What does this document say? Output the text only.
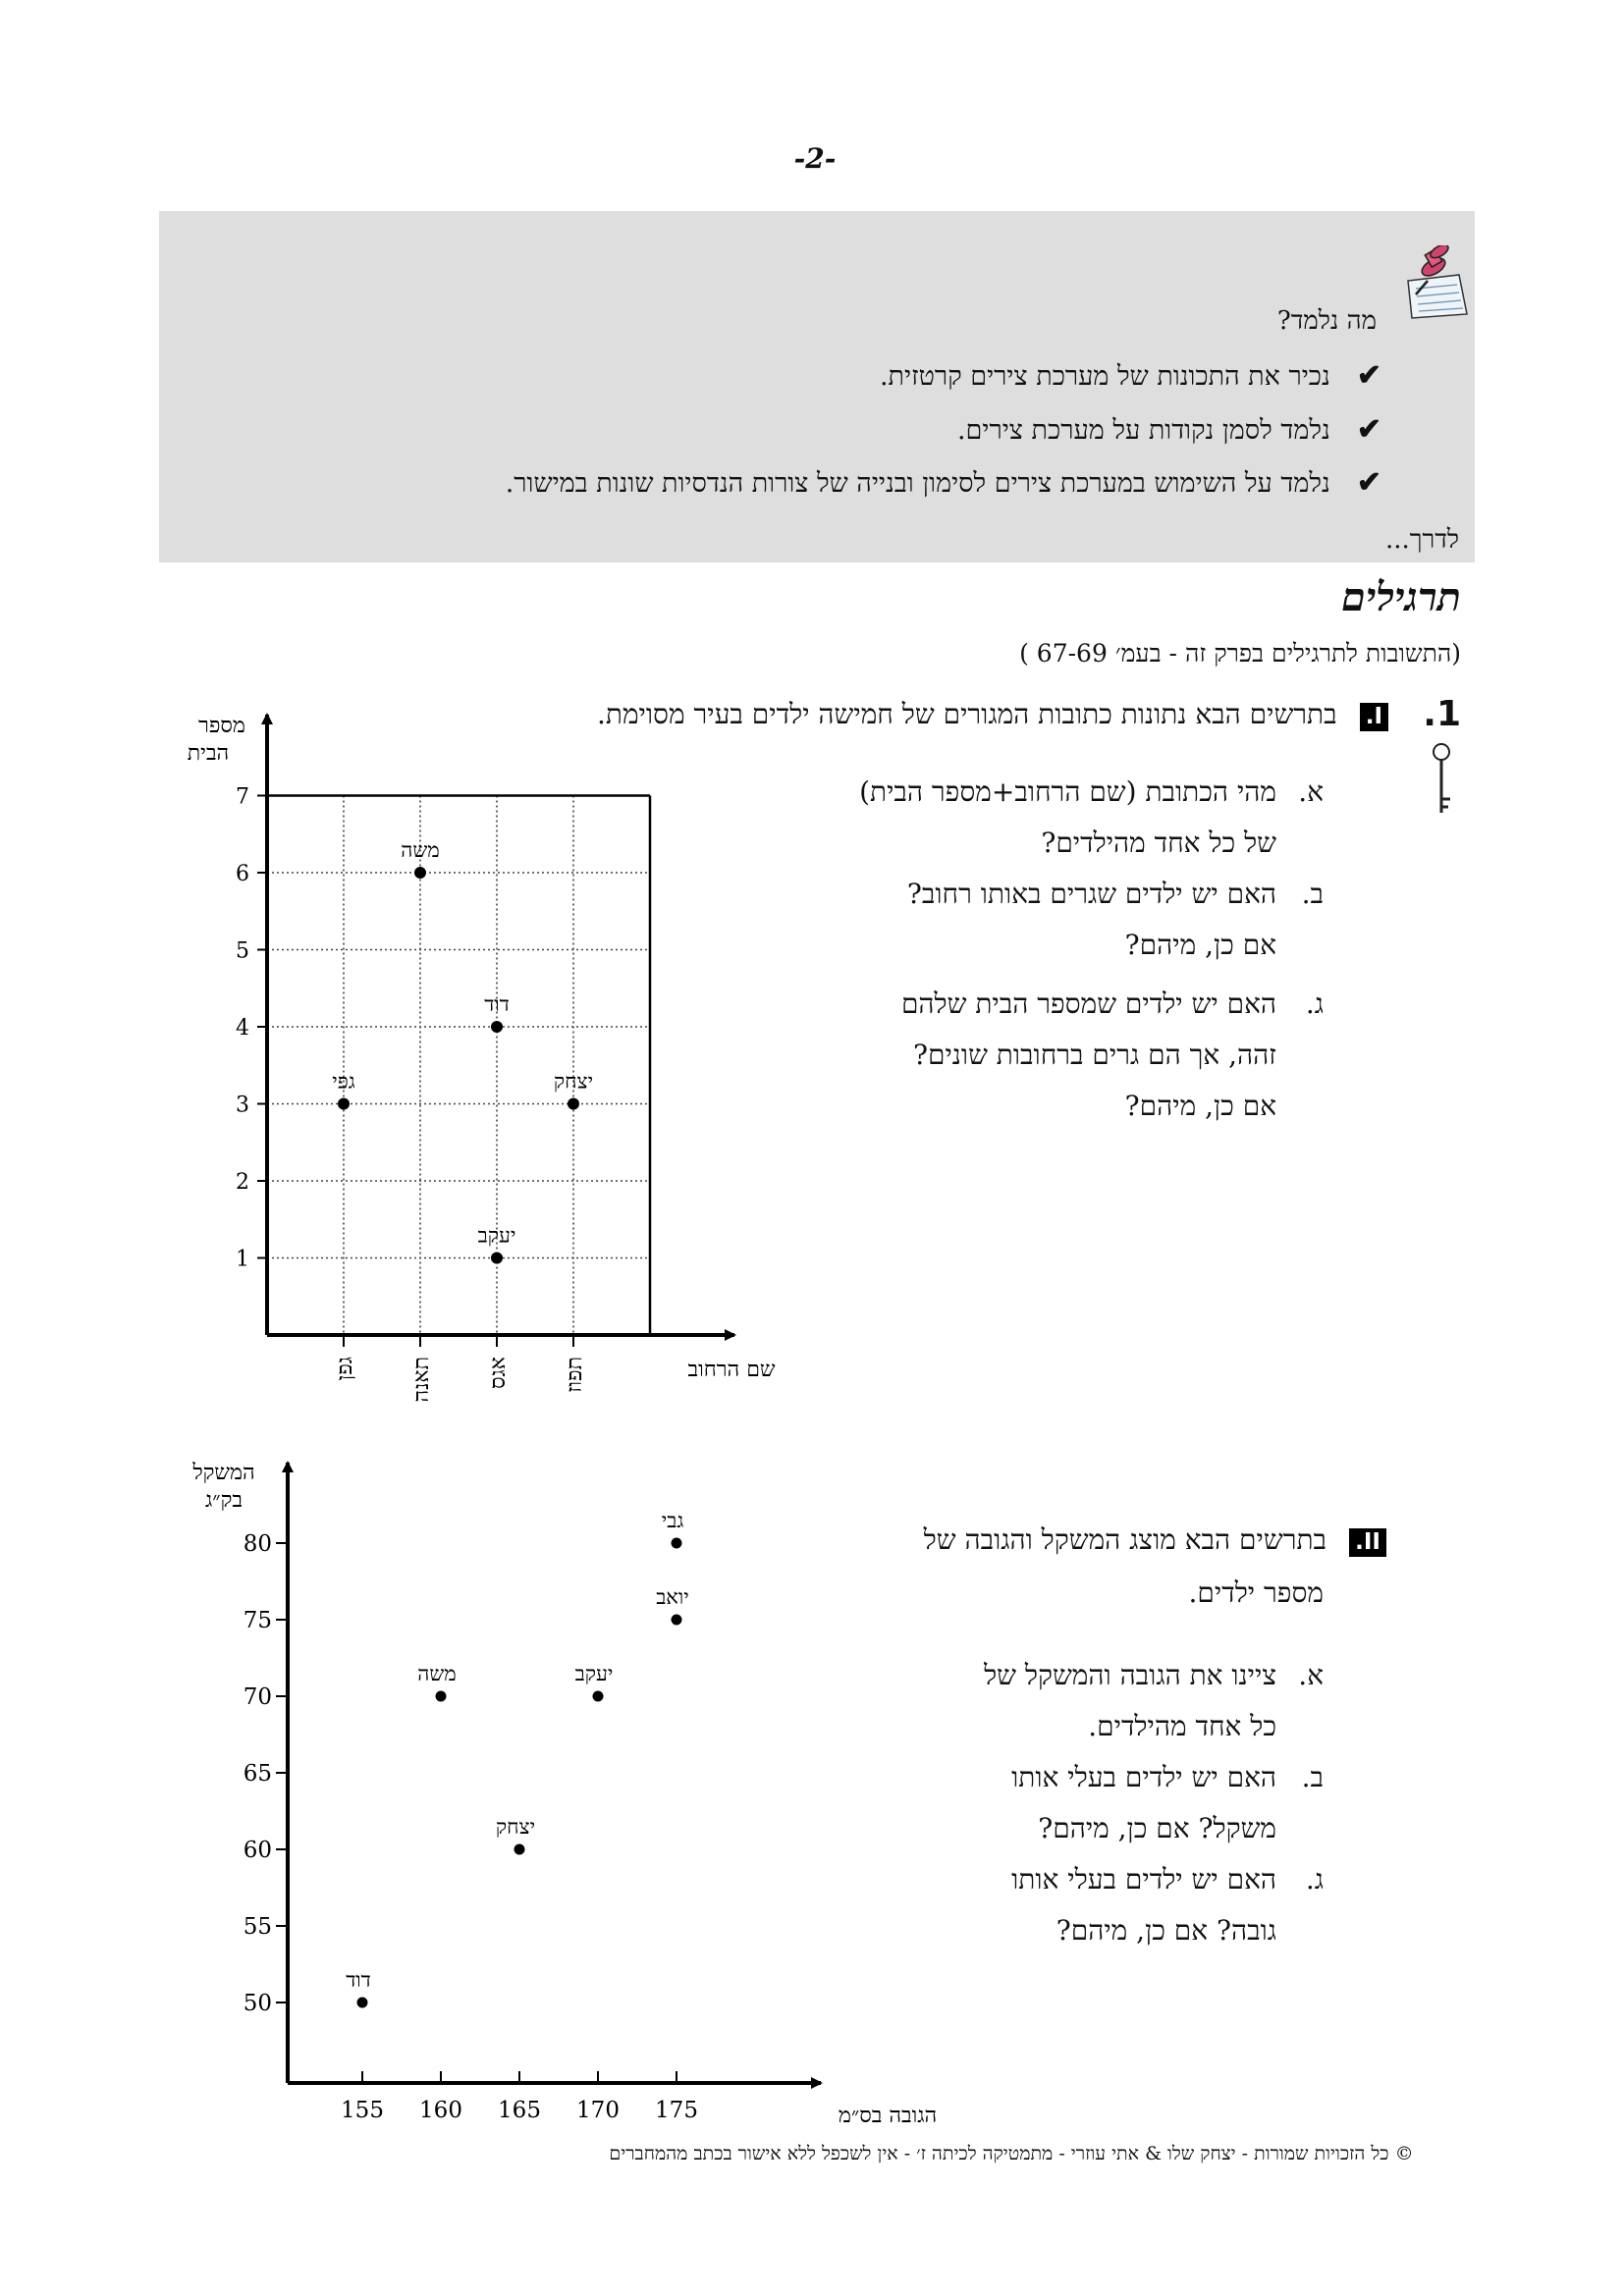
-2-
מה נלמד?
✔ נכיר את התכונות של מערכת צירים קרטזית.
✔ נלמד לסמן נקודות על מערכת צירים.
✔ נלמד על השימוש במערכת צירים לסימון ובנייה של צורות הנדסיות שונות במישור.
לדרך...
תרגילים
(התשובות לתרגילים בפרק זה - בעמ׳ 67-69 )
1.
I. בתרשים הבא נתונות כתובות המגורים של חמישה ילדים בעיר מסוימת.
א.
מהי הכתובת (שם הרחוב+מספר הבית)
של כל אחד מהילדים?
ב.
האם יש ילדים שגרים באותו רחוב?
אם כן, מיהם?
ג.
האם יש ילדים שמספר הבית שלהם
זהה, אך הם גרים ברחובות שונים?
אם כן, מיהם?
II. בתרשים הבא מוצג המשקל והגובה של
מספר ילדים.
א.
ציינו את הגובה והמשקל של
כל אחד מהילדים.
ב.
האם יש ילדים בעלי אותו
משקל? אם כן, מיהם?
ג.
האם יש ילדים בעלי אותו
גובה? אם כן, מיהם?
מספר
הבית
שם הרחוב
1
2
3
4
5
6
7
גפן תאנה אגס תפוז
משה
דוד
גפי	יצחק
יעקב
המשקל
בק״ג
הגובה בס״מ
50
55
60
65
70
75
80
155 160 165 170 175
גבי
יואב
משה	יעקב
יצחק
דוד
© כל הזכויות שמורות - יצחק שלו & אתי עוזרי - מתמטיקה לכיתה ז׳ - אין לשכפל ללא אישור בכתב מהמחברים
